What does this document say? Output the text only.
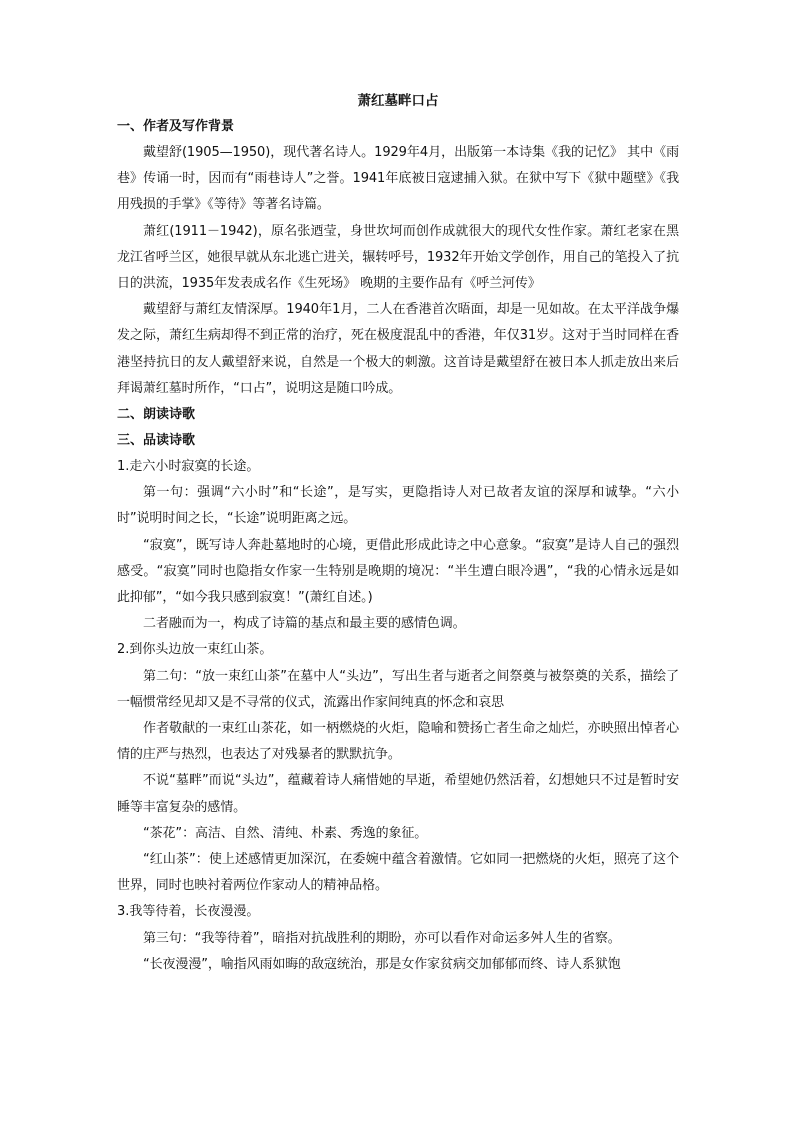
萧红墓畔口占

一、作者及写作背景

戴望舒(1905—1950)，现代著名诗人。1929年4月，出版第一本诗集《我的记忆》 其中《雨巷》传诵一时，因而有“雨巷诗人”之誉。1941年底被日寇逮捕入狱。在狱中写下《狱中题壁》《我用残损的手掌》《等待》等著名诗篇。

萧红(1911－1942)，原名张迺莹，身世坎坷而创作成就很大的现代女性作家。萧红老家在黑龙江省呼兰区，她很早就从东北逃亡进关，辗转呼号，1932年开始文学创作，用自己的笔投入了抗日的洪流，1935年发表成名作《生死场》 晚期的主要作品有《呼兰河传》

戴望舒与萧红友情深厚。1940年1月，二人在香港首次晤面，却是一见如故。在太平洋战争爆发之际，萧红生病却得不到正常的治疗，死在极度混乱中的香港，年仅31岁。这对于当时同样在香港坚持抗日的友人戴望舒来说，自然是一个极大的刺激。这首诗是戴望舒在被日本人抓走放出来后拜谒萧红墓时所作，“口占”，说明这是随口吟成。

二、朗读诗歌

三、品读诗歌

1.走六小时寂寞的长途。

第一句：强调“六小时”和“长途”，是写实，更隐指诗人对已故者友谊的深厚和诚挚。“六小时”说明时间之长，“长途”说明距离之远。

“寂寞”，既写诗人奔赴墓地时的心境，更借此形成此诗之中心意象。“寂寞”是诗人自己的强烈感受。“寂寞”同时也隐指女作家一生特别是晚期的境况：“半生遭白眼冷遇”，“我的心情永远是如此抑郁”，“如今我只感到寂寞！”(萧红自述。)

二者融而为一，构成了诗篇的基点和最主要的感情色调。

2.到你头边放一束红山茶。

第二句：“放一束红山茶”在墓中人“头边”，写出生者与逝者之间祭奠与被祭奠的关系，描绘了一幅惯常经见却又是不寻常的仪式，流露出作家间纯真的怀念和哀思

作者敬献的一束红山茶花，如一柄燃烧的火炬，隐喻和赞扬亡者生命之灿烂，亦映照出悼者心情的庄严与热烈，也表达了对残暴者的默默抗争。

不说“墓畔”而说“头边”，蕴藏着诗人痛惜她的早逝，希望她仍然活着，幻想她只不过是暂时安睡等丰富复杂的感情。

“茶花”：高洁、自然、清纯、朴素、秀逸的象征。

“红山茶”：使上述感情更加深沉，在委婉中蕴含着激情。它如同一把燃烧的火炬，照亮了这个世界，同时也映衬着两位作家动人的精神品格。

3.我等待着，长夜漫漫。

第三句：“我等待着”，暗指对抗战胜利的期盼，亦可以看作对命运多舛人生的省察。

“长夜漫漫”，喻指风雨如晦的敌寇统治，那是女作家贫病交加郁郁而终、诗人系狱饱
